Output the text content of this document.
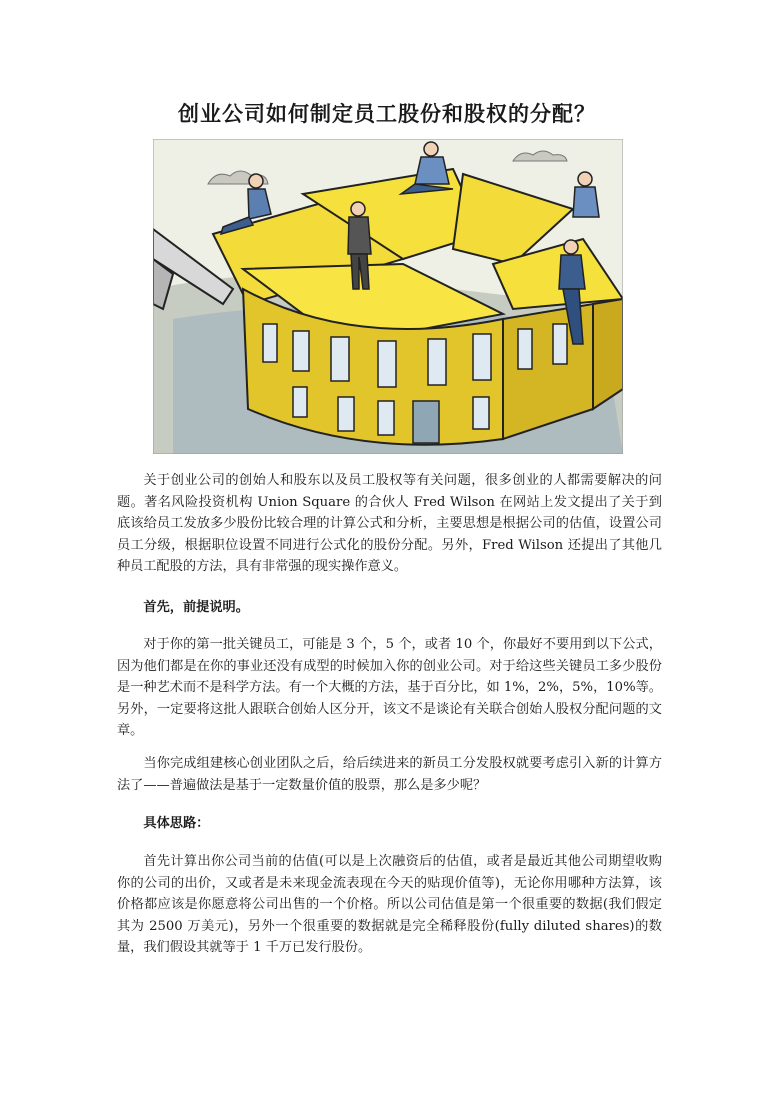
创业公司如何制定员工股份和股权的分配？

关于创业公司的创始人和股东以及员工股权等有关问题，很多创业的人都需要解决的问题。著名风险投资机构 Union Square 的合伙人 Fred Wilson 在网站上发文提出了关于到底该给员工发放多少股份比较合理的计算公式和分析，主要思想是根据公司的估值，设置公司员工分级，根据职位设置不同进行公式化的股份分配。另外，Fred Wilson 还提出了其他几种员工配股的方法，具有非常强的现实操作意义。

首先，前提说明。

对于你的第一批关键员工，可能是 3 个，5 个，或者 10 个，你最好不要用到以下公式，因为他们都是在你的事业还没有成型的时候加入你的创业公司。对于给这些关键员工多少股份是一种艺术而不是科学方法。有一个大概的方法，基于百分比，如 1%，2%，5%，10%等。另外，一定要将这批人跟联合创始人区分开，该文不是谈论有关联合创始人股权分配问题的文章。

当你完成组建核心创业团队之后，给后续进来的新员工分发股权就要考虑引入新的计算方法了——普遍做法是基于一定数量价值的股票，那么是多少呢？

具体思路：

首先计算出你公司当前的估值(可以是上次融资后的估值，或者是最近其他公司期望收购你的公司的出价，又或者是未来现金流表现在今天的贴现价值等)，无论你用哪种方法算，该价格都应该是你愿意将公司出售的一个价格。所以公司估值是第一个很重要的数据(我们假定其为 2500 万美元)，另外一个很重要的数据就是完全稀释股份(fully diluted shares)的数量，我们假设其就等于 1 千万已发行股份。
